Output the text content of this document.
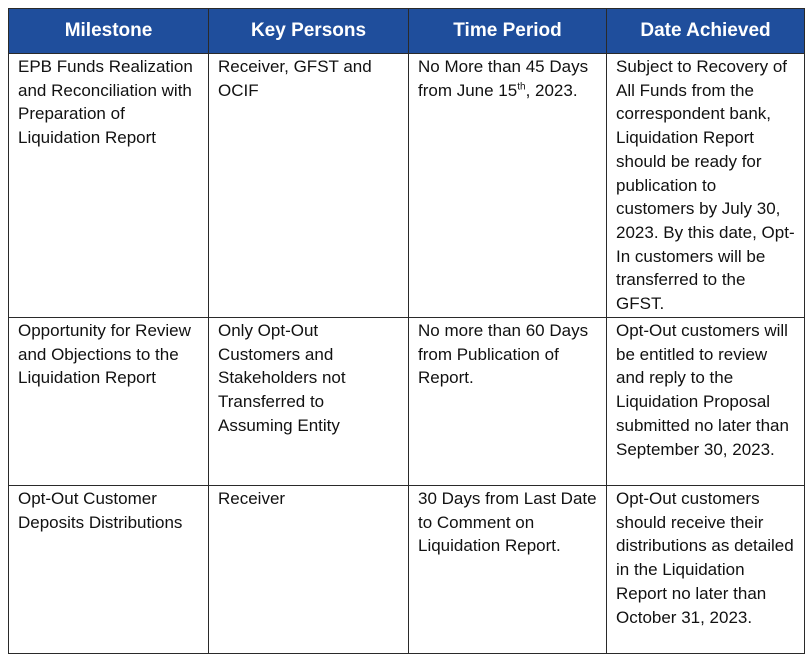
Milestone	Key Persons	Time Period	Date Achieved
EPB Funds Realization and Reconciliation with Preparation of Liquidation Report	Receiver, GFST and OCIF	No More than 45 Days from June 15th, 2023.	Subject to Recovery of All Funds from the correspondent bank, Liquidation Report should be ready for publication to customers by July 30, 2023. By this date, Opt-In customers will be transferred to the GFST.
Opportunity for Review and Objections to the Liquidation Report	Only Opt-Out Customers and Stakeholders not Transferred to Assuming Entity	No more than 60 Days from Publication of Report.	Opt-Out customers will be entitled to review and reply to the Liquidation Proposal submitted no later than September 30, 2023.
Opt-Out Customer Deposits Distributions	Receiver	30 Days from Last Date to Comment on Liquidation Report.	Opt-Out customers should receive their distributions as detailed in the Liquidation Report no later than October 31, 2023.
